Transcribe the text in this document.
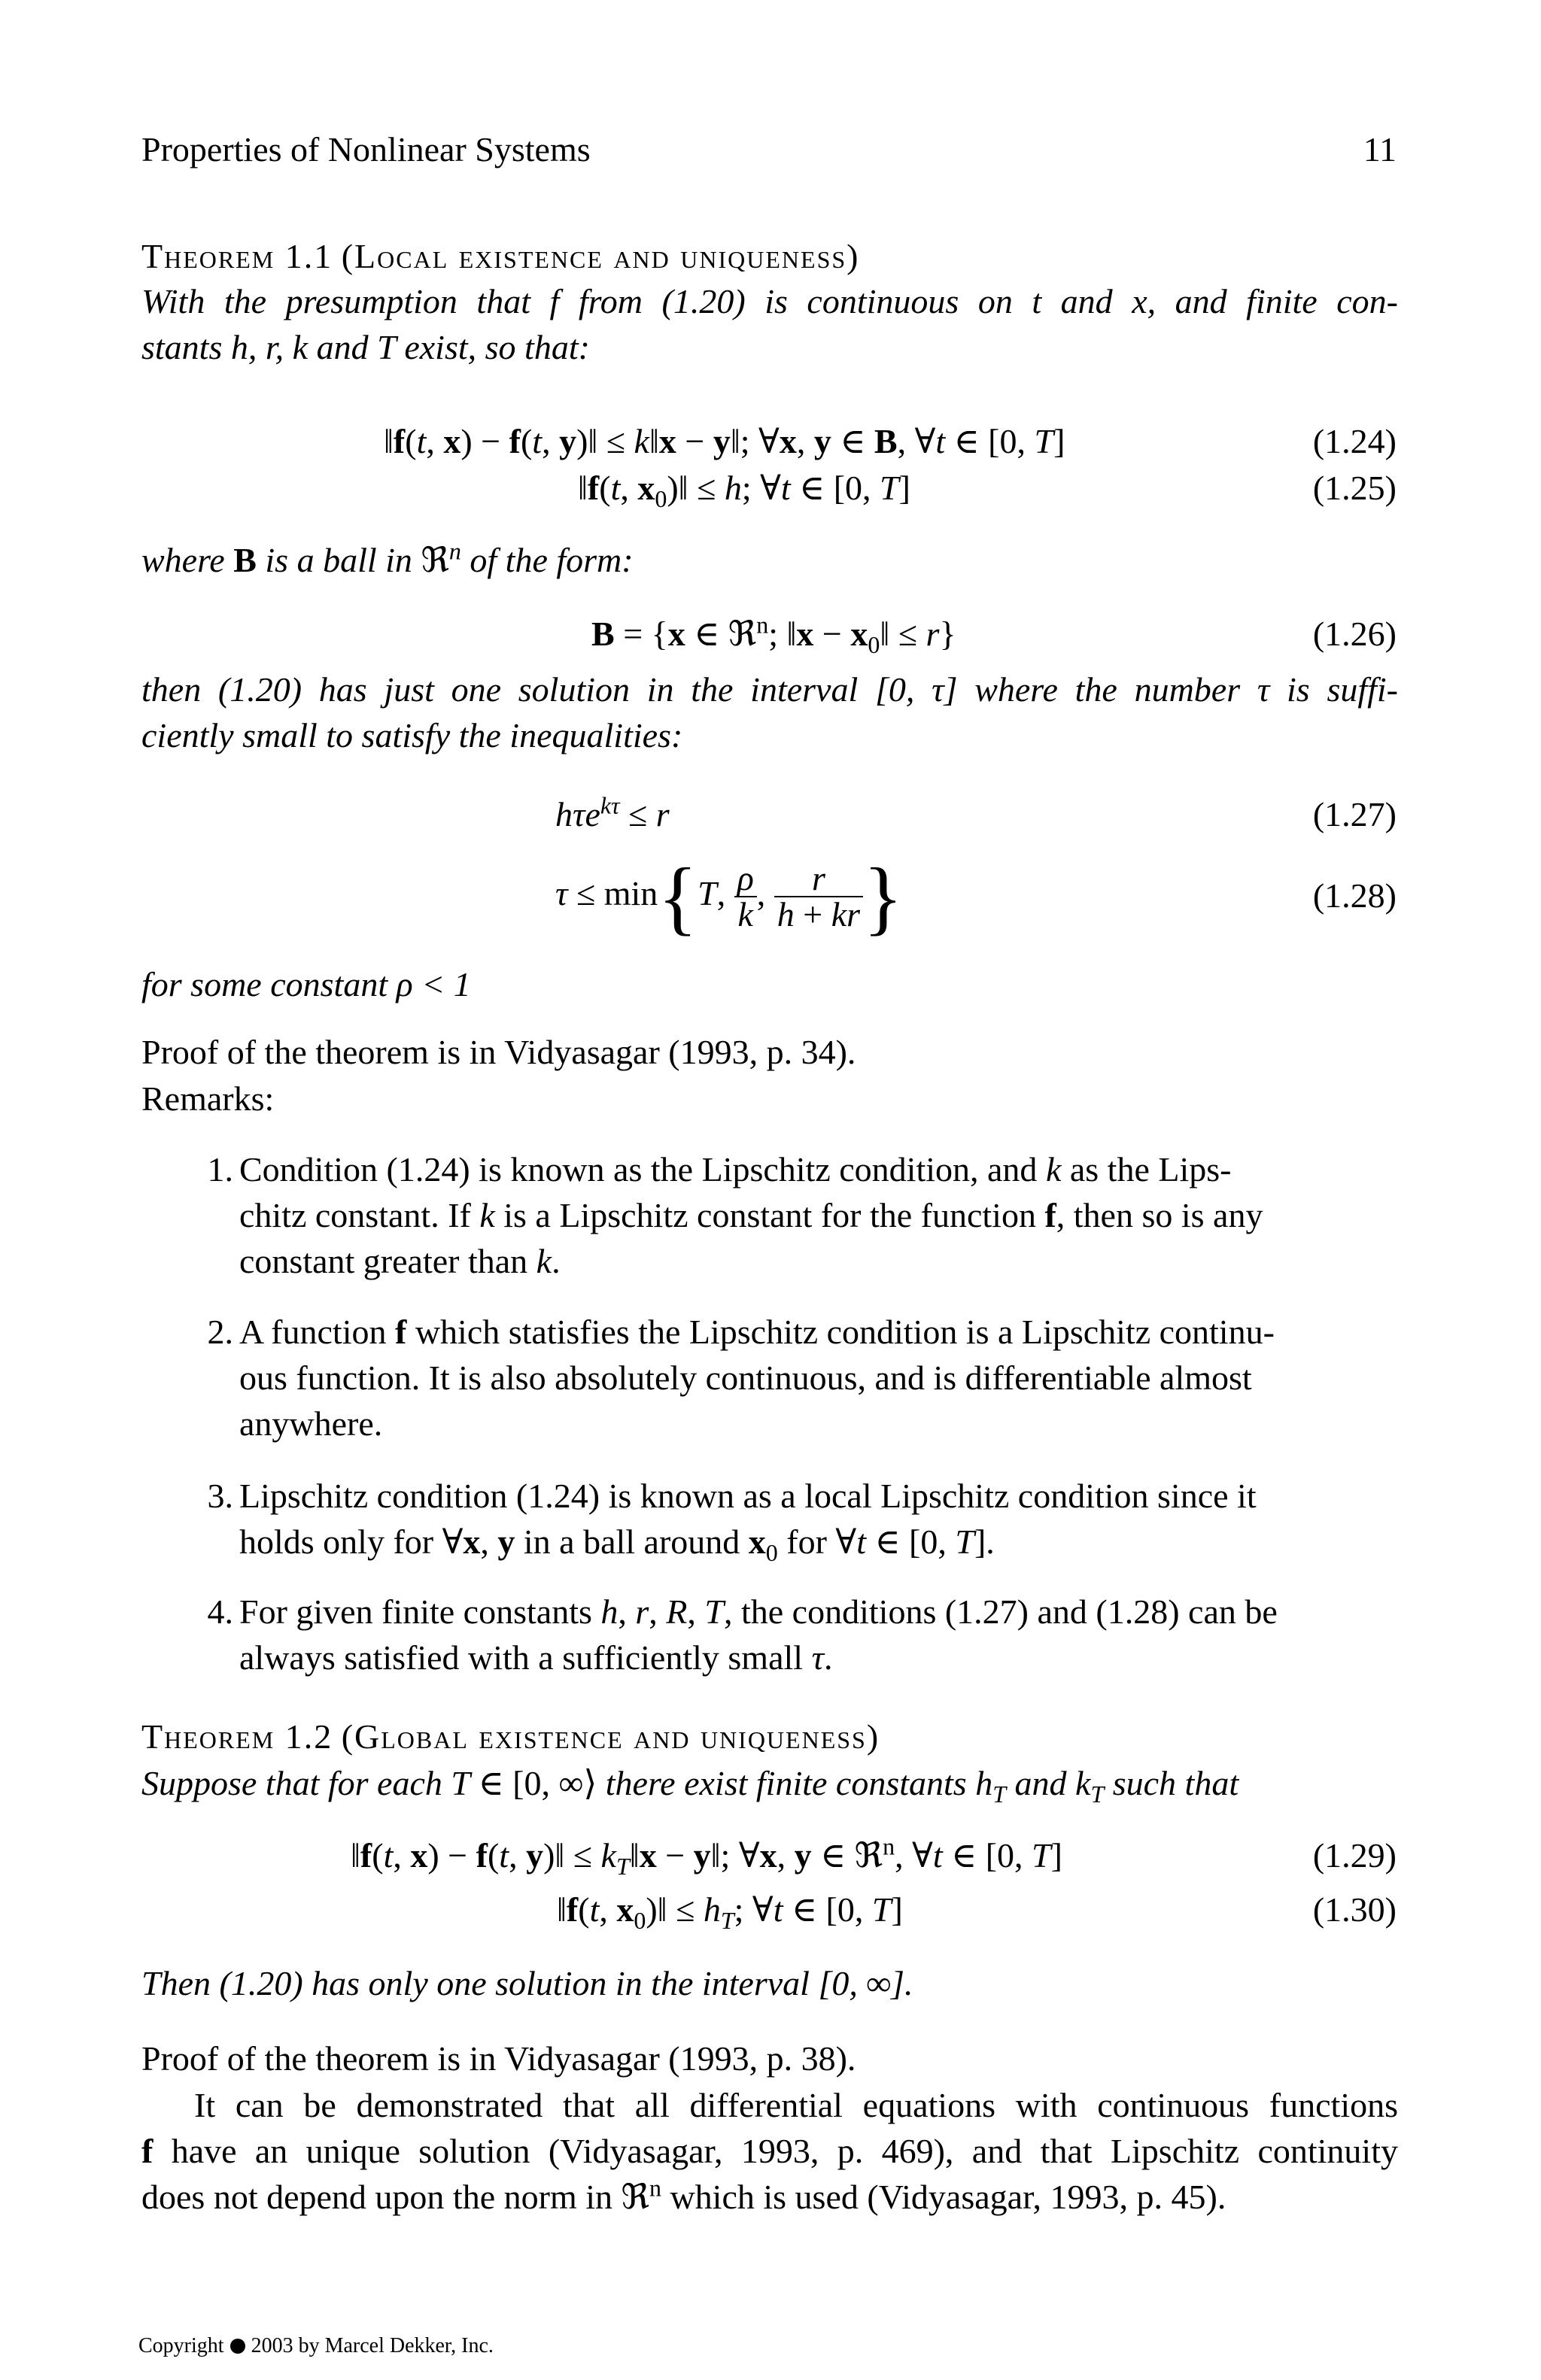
Properties of Nonlinear Systems	11
Theorem 1.1 (Local existence and uniqueness)
With the presumption that f from (1.20) is continuous on t and x, and finite con-
stants h, r, k and T exist, so that:
‖f(t, x) − f(t, y)‖ ≤ k‖x − y‖; ∀x, y ∈ B, ∀t ∈ [0, T]	(1.24)
‖f(t, $x_0)‖ \le h$; ∀t ∈ [0, T]	(1.25)
where B is a ball in ℜ$^n$ of the form:
B = {x ∈ ℜ$^n$; ‖x − $x_0‖ \le r$}	(1.26)
then (1.20) has just one solution in the interval [0, τ] where the number τ is suffi-
ciently small to satisfy the inequalities:
hτe$^{k\tau}$ ≤ r	(1.27)
τ ≤ min{T, $\frac{\rho}{k}$ , $\frac{r}{h + kr}$ }	(1.28)
for some constant ρ < 1
Proof of the theorem is in Vidyasagar (1993, p. 34).
Remarks:
1. Condition (1.24) is known as the Lipschitz condition, and k as the Lips-
chitz constant. If k is a Lipschitz constant for the function f, then so is any
constant greater than k.
2. A function f which statisfies the Lipschitz condition is a Lipschitz continu-
ous function. It is also absolutely continuous, and is differentiable almost
anywhere.
3. Lipschitz condition (1.24) is known as a local Lipschitz condition since it
holds only for ∀x, y in a ball around $x_0$ for ∀t ∈ [0, T].
4. For given finite constants h, r, R, T, the conditions (1.27) and (1.28) can be
always satisfied with a sufficiently small τ.
Theorem 1.2 (Global existence and uniqueness)
Suppose that for each T ∈ [0, ∞⟩ there exist finite constants $h_T$ and $k_T$ such that
‖f(t, x) − f(t, y)‖ ≤ $k_T‖x$ − y‖; ∀x, y ∈ ℜ$^n$, ∀t ∈ [0, T]	(1.29)
‖f(t, $x_0)‖ \le h_T$; ∀t ∈ [0, T]	(1.30)
Then (1.20) has only one solution in the interval [0, ∞].
Proof of the theorem is in Vidyasagar (1993, p. 38).
It can be demonstrated that all differential equations with continuous functions
f have an unique solution (Vidyasagar, 1993, p. 469), and that Lipschitz continuity
does not depend upon the norm in ℜ$^n$ which is used (Vidyasagar, 1993, p. 45).
Copyright 2003 by Marcel Dekker, Inc.
